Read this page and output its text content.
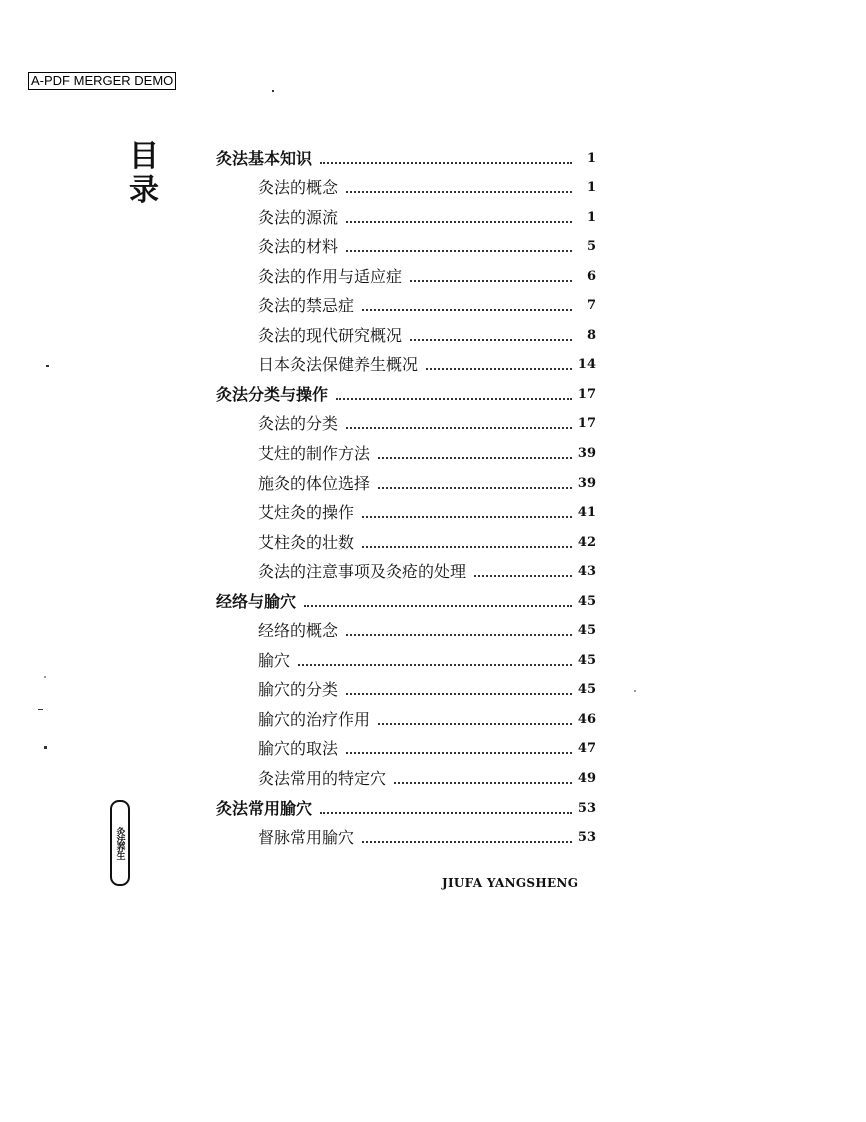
A-PDF MERGER DEMO
目
录
灸法养生
灸法基本知识	1
灸法的概念	1
灸法的源流	1
灸法的材料	5
灸法的作用与适应症	6
灸法的禁忌症	7
灸法的现代研究概况	8
日本灸法保健养生概况	14
灸法分类与操作	17
灸法的分类	17
艾炷的制作方法	39
施灸的体位选择	39
艾炷灸的操作	41
艾柱灸的壮数	42
灸法的注意事项及灸疮的处理	43
经络与腧穴	45
经络的概念	45
腧穴	45
腧穴的分类	45
腧穴的治疗作用	46
腧穴的取法	47
灸法常用的特定穴	49
灸法常用腧穴	53
督脉常用腧穴	53
JIUFA YANGSHENG
